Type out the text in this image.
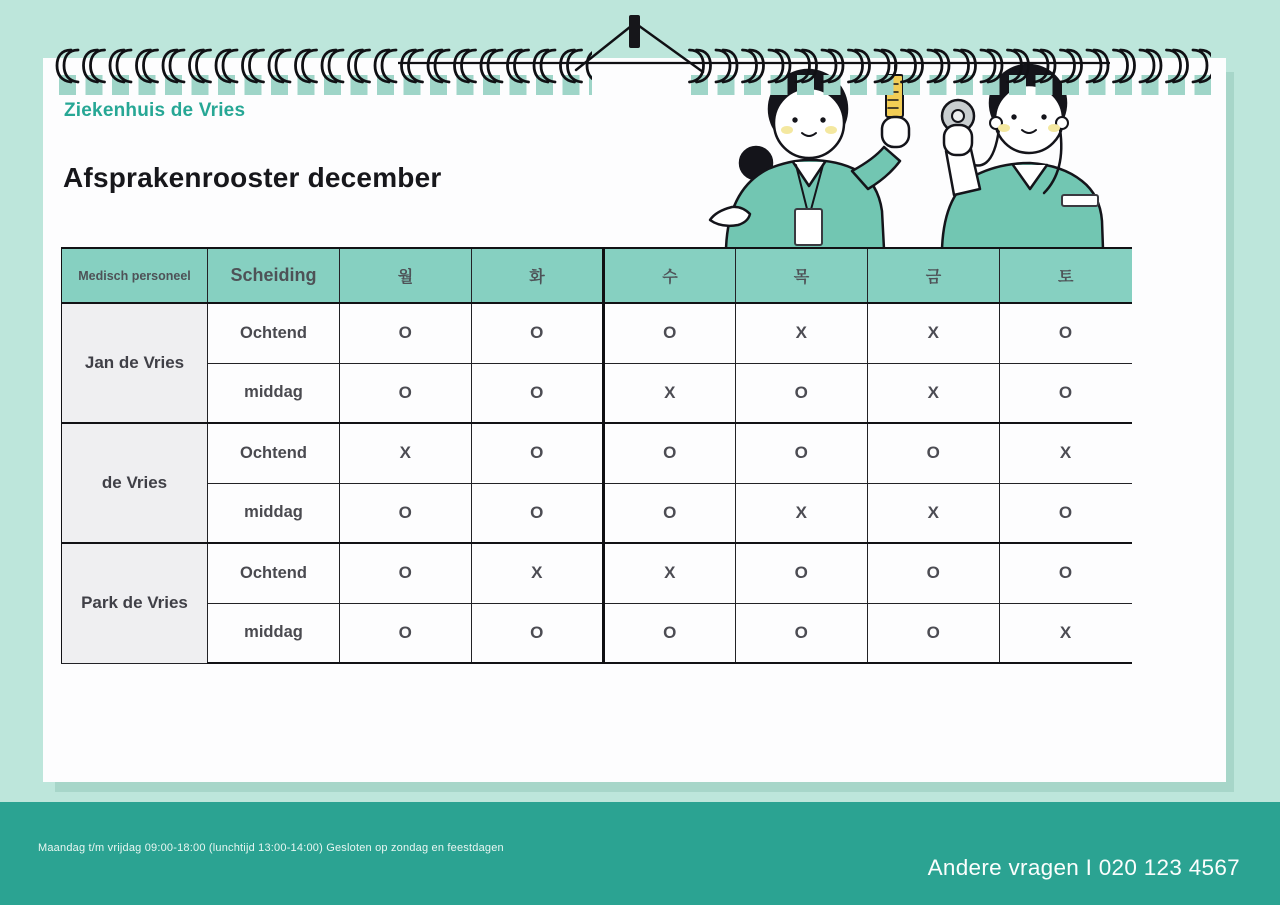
Ziekenhuis de Vries
Afsprakenrooster december
Medisch personeel	Scheiding	월	화	수	목	금	토
Jan de Vries	Ochtend	O	O	O	X	X	O
	middag	O	O	X	O	X	O
de Vries	Ochtend	X	O	O	O	O	X
	middag	O	O	O	X	X	O
Park de Vries	Ochtend	O	X	X	O	O	O
	middag	O	O	O	O	O	X
Maandag t/m vrijdag 09:00-18:00 (lunchtijd 13:00-14:00) Gesloten op zondag en feestdagen
Andere vragen I 020 123 4567
